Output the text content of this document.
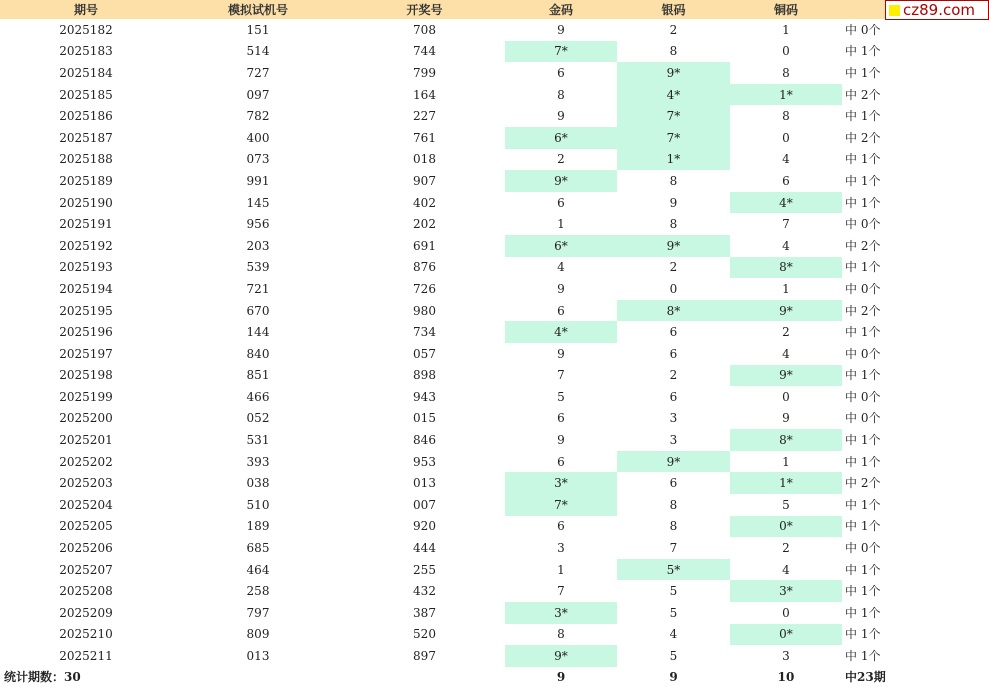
期号	模拟试机号	开奖号	金码	银码	铜码	
2025182	151	708	9	2	1	中 0个
2025183	514	744	7*	8	0	中 1个
2025184	727	799	6	9*	8	中 1个
2025185	097	164	8	4*	1*	中 2个
2025186	782	227	9	7*	8	中 1个
2025187	400	761	6*	7*	0	中 2个
2025188	073	018	2	1*	4	中 1个
2025189	991	907	9*	8	6	中 1个
2025190	145	402	6	9	4*	中 1个
2025191	956	202	1	8	7	中 0个
2025192	203	691	6*	9*	4	中 2个
2025193	539	876	4	2	8*	中 1个
2025194	721	726	9	0	1	中 0个
2025195	670	980	6	8*	9*	中 2个
2025196	144	734	4*	6	2	中 1个
2025197	840	057	9	6	4	中 0个
2025198	851	898	7	2	9*	中 1个
2025199	466	943	5	6	0	中 0个
2025200	052	015	6	3	9	中 0个
2025201	531	846	9	3	8*	中 1个
2025202	393	953	6	9*	1	中 1个
2025203	038	013	3*	6	1*	中 2个
2025204	510	007	7*	8	5	中 1个
2025205	189	920	6	8	0*	中 1个
2025206	685	444	3	7	2	中 0个
2025207	464	255	1	5*	4	中 1个
2025208	258	432	7	5	3*	中 1个
2025209	797	387	3*	5	0	中 1个
2025210	809	520	8	4	0*	中 1个
2025211	013	897	9*	5	3	中 1个
统计期数：30			9	9	10	中23期
cz89.com
